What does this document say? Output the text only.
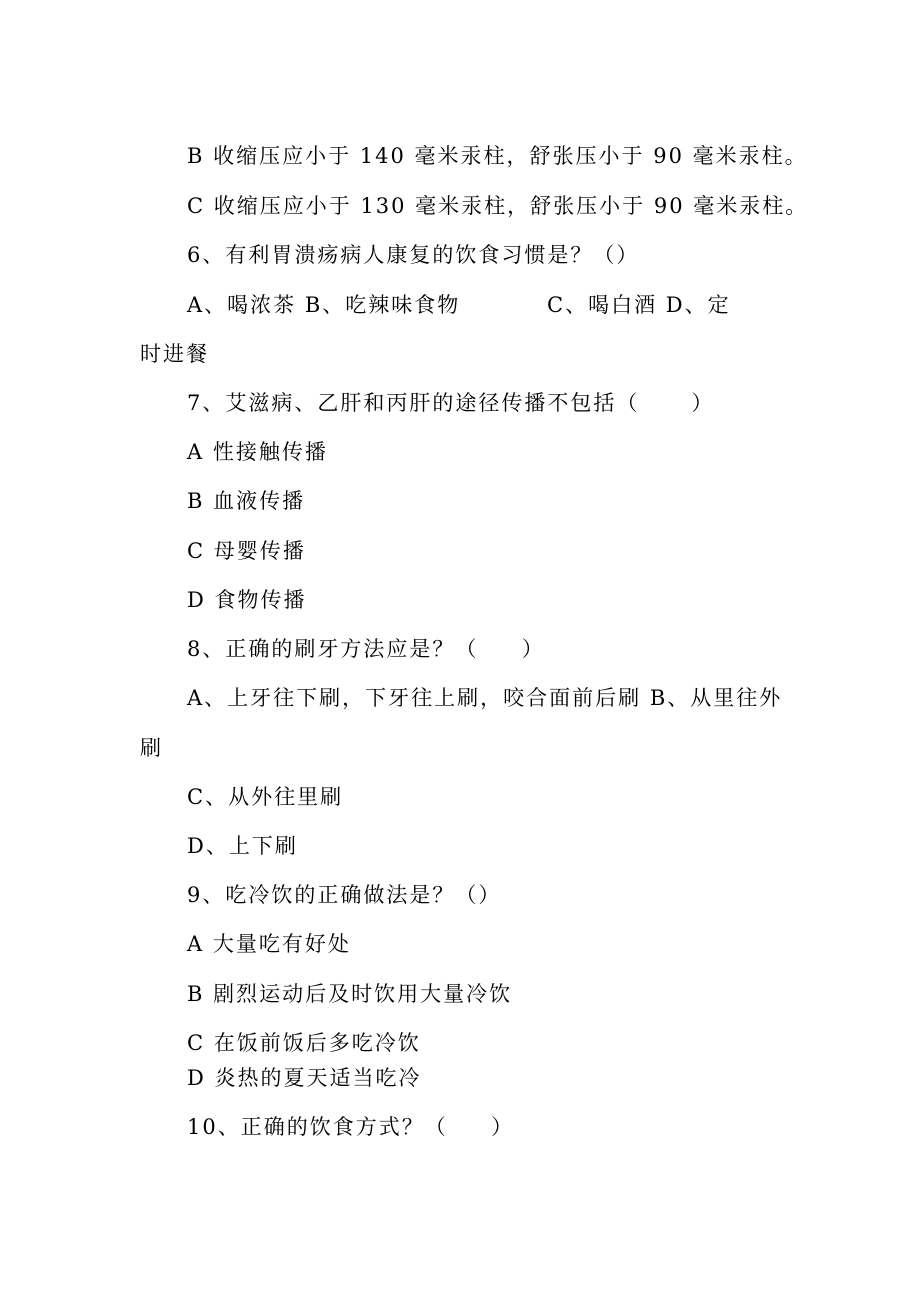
B 收缩压应小于 140 毫米汞柱，舒张压小于 90 毫米汞柱。
C 收缩压应小于 130 毫米汞柱，舒张压小于 90 毫米汞柱。
6、有利胃溃疡病人康复的饮食习惯是？（）
A、喝浓茶 B、吃辣味食物          C、喝白酒 D、定
时进餐
7、艾滋病、乙肝和丙肝的途径传播不包括（      ）
A 性接触传播
B 血液传播
C 母婴传播
D 食物传播
8、正确的刷牙方法应是？（     ）
A、上牙往下刷，下牙往上刷，咬合面前后刷 B、从里往外
刷
C、从外往里刷
D、上下刷
9、吃冷饮的正确做法是？（）
A 大量吃有好处
B 剧烈运动后及时饮用大量冷饮
C 在饭前饭后多吃冷饮
D 炎热的夏天适当吃冷
10、正确的饮食方式？（     ）
